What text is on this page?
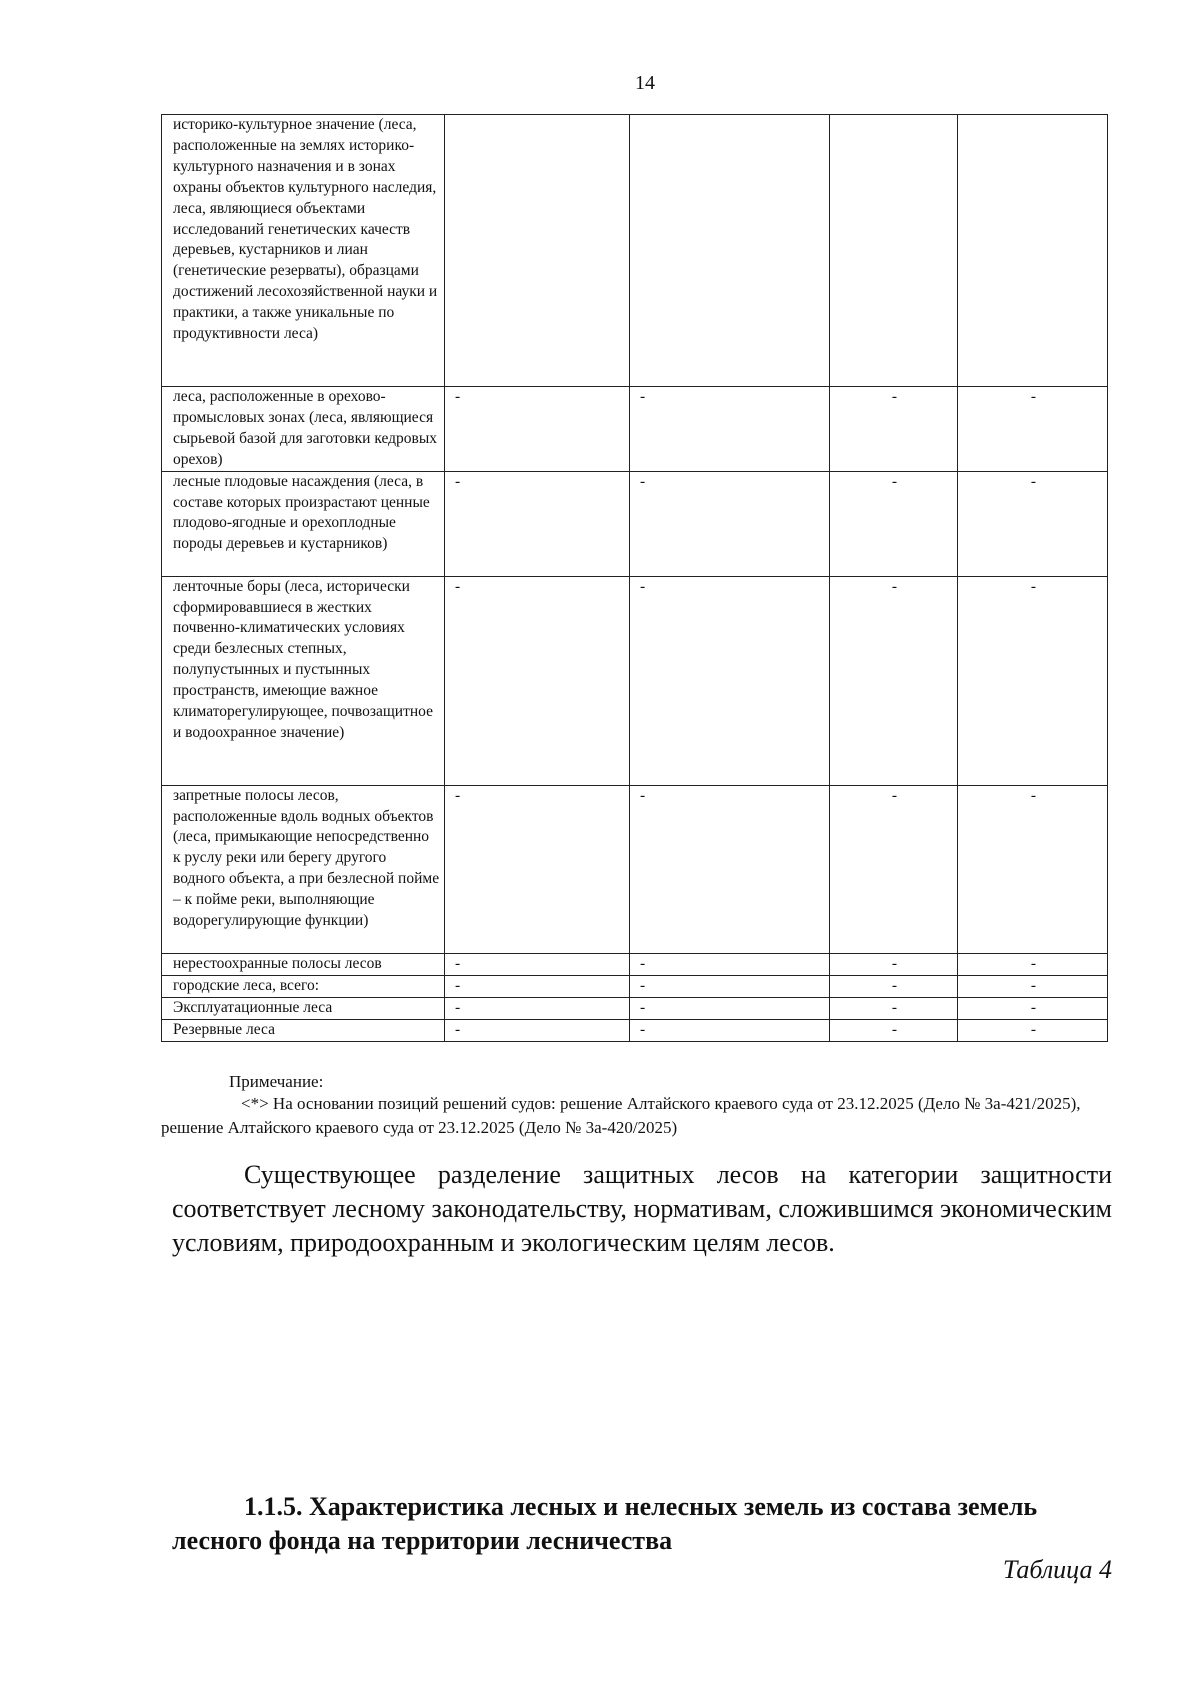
14
историко-культурное значение (леса, расположенные на землях историко-культурного назначения и в зонах охраны объектов культурного наследия, леса, являющиеся объектами исследований генетических качеств деревьев, кустарников и лиан (генетические резерваты), образцами достижений лесохозяйственной науки и практики, а также уникальные по продуктивности леса)				
леса, расположенные в орехово-промысловых зонах (леса, являющиеся сырьевой базой для заготовки кедровых орехов)	-	-	-	-
лесные плодовые насаждения (леса, в составе которых произрастают ценные плодово-ягодные и орехоплодные породы деревьев и кустарников)	-	-	-	-
ленточные боры (леса, исторически сформировавшиеся в жестких почвенно-климатических условиях среди безлесных степных, полупустынных и пустынных пространств, имеющие важное климаторегулирующее, почвозащитное и водоохранное значение)	-	-	-	-
запретные полосы лесов, расположенные вдоль водных объектов (леса, примыкающие непосредственно к руслу реки или берегу другого водного объекта, а при безлесной пойме – к пойме реки, выполняющие водорегулирующие функции)	-	-	-	-
нерестоохранные полосы лесов	-	-	-	-
городские леса, всего:	-	-	-	-
Эксплуатационные леса	-	-	-	-
Резервные леса	-	-	-	-
Примечание:
<*> На основании позиций решений судов: решение Алтайского краевого суда от 23.12.2025 (Дело № 3а-421/2025), решение Алтайского краевого суда от 23.12.2025 (Дело № 3а-420/2025)
Существующее разделение защитных лесов на категории защитности соответствует лесному законодательству, нормативам, сложившимся экономическим условиям, природоохранным и экологическим целям лесов.
1.1.5. Характеристика лесных и нелесных земель из состава земель лесного фонда на территории лесничества
Таблица 4
